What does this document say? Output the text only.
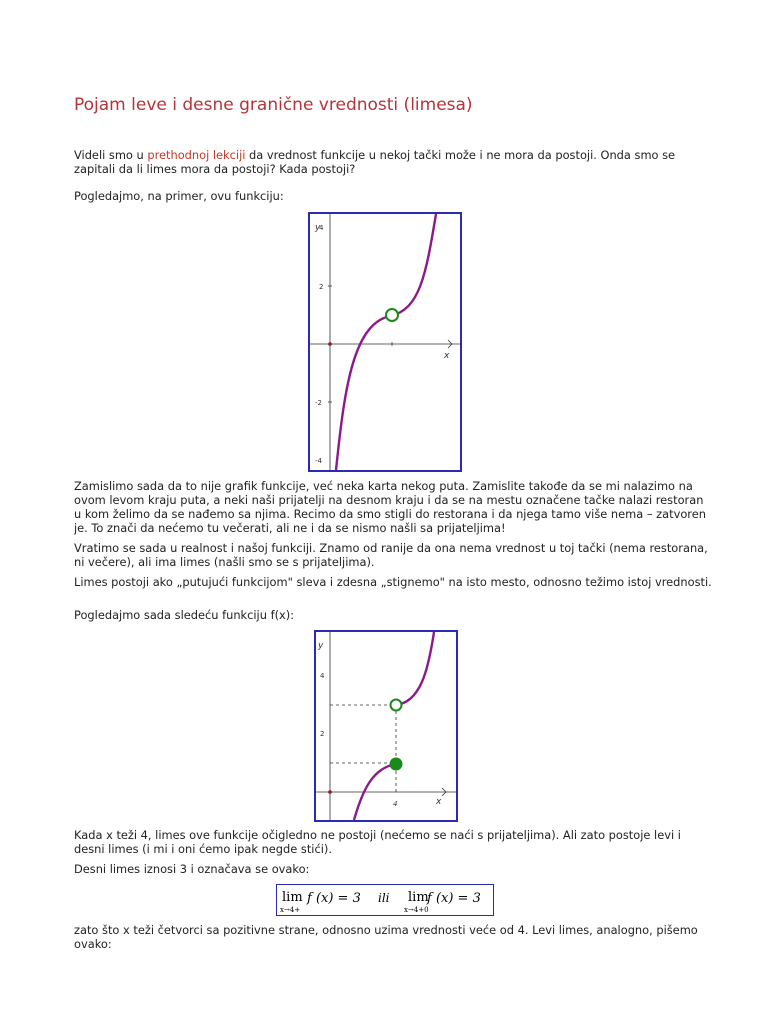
Pojam leve i desne granične vrednosti (limesa)

Videli smo u prethodnoj lekciji da vrednost funkcije u nekoj tački može i ne mora da postoji. Onda smo se zapitali da li limes mora da postoji? Kada postoji?

Pogledajmo, na primer, ovu funkciju:

y
x
4
2
-2
-4

Zamislimo sada da to nije grafik funkcije, već neka karta nekog puta. Zamislite takođe da se mi nalazimo na ovom levom kraju puta, a neki naši prijatelji na desnom kraju i da se na mestu označene tačke nalazi restoran u kom želimo da se nađemo sa njima. Recimo da smo stigli do restorana i da njega tamo više nema – zatvoren je. To znači da nećemo tu večerati, ali ne i da se nismo našli sa prijateljima!

Vratimo se sada u realnost i našoj funkciji. Znamo od ranije da ona nema vrednost u toj tački (nema restorana, ni večere), ali ima limes (našli smo se s prijateljima).

Limes postoji ako „putujući funkcijom" sleva i zdesna „stignemo" na isto mesto, odnosno težimo istoj vrednosti.

Pogledajmo sada sledeću funkciju f(x):

y
x
4
2
4

Kada x teži 4, limes ove funkcije očigledno ne postoji (nećemo se naći s prijateljima). Ali zato postoje levi i desni limes (i mi i oni ćemo ipak negde stići).

Desni limes iznosi 3 i označava se ovako:

lim
x→4+
f (x) = 3 ili lim
x→4+0
f (x) = 3

zato što x teži četvorci sa pozitivne strane, odnosno uzima vrednosti veće od 4. Levi limes, analogno, pišemo ovako:
